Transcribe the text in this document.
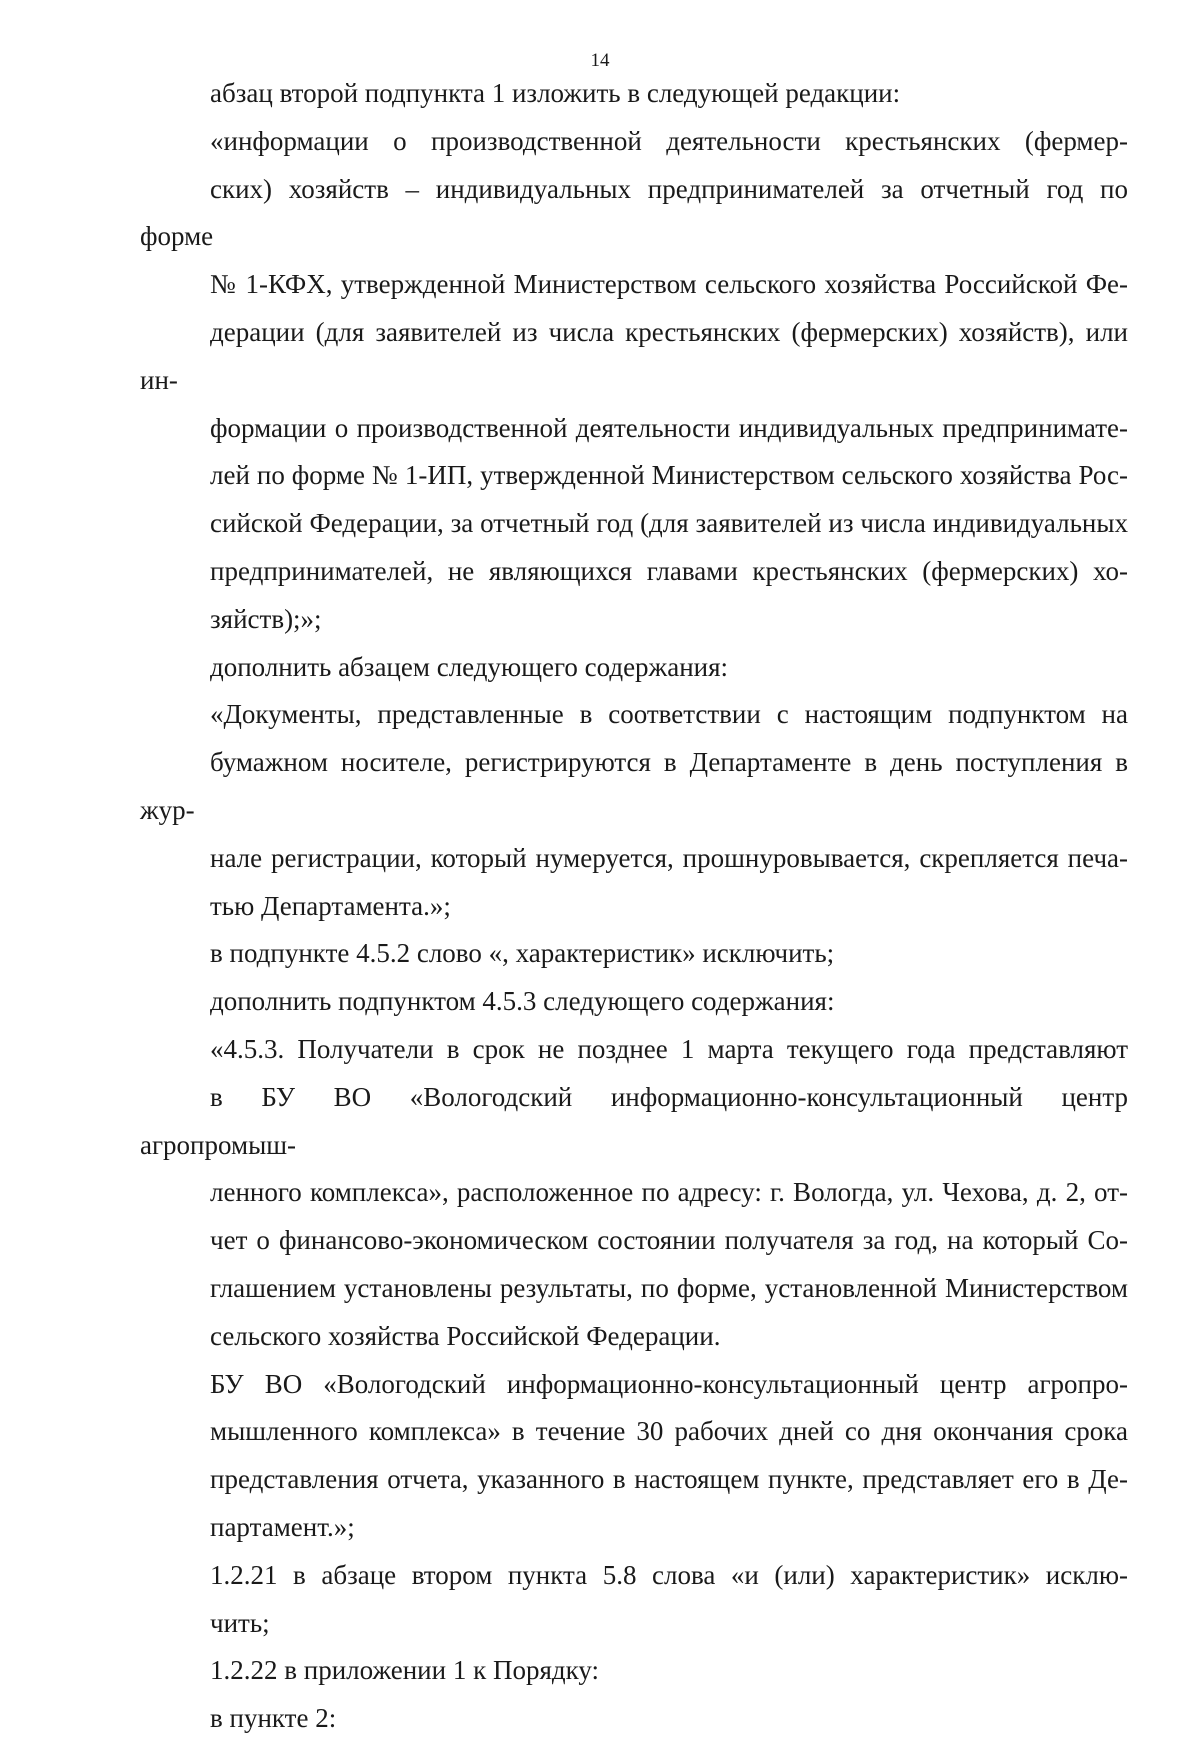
14
абзац второй подпункта 1 изложить в следующей редакции:
«информации о производственной деятельности крестьянских (фермер-
ских) хозяйств – индивидуальных предпринимателей за отчетный год по форме
№ 1-КФХ, утвержденной Министерством сельского хозяйства Российской Фе-
дерации (для заявителей из числа крестьянских (фермерских) хозяйств), или ин-
формации о производственной деятельности индивидуальных предпринимате-
лей по форме № 1-ИП, утвержденной Министерством сельского хозяйства Рос-
сийской Федерации, за отчетный год (для заявителей из числа индивидуальных
предпринимателей, не являющихся главами крестьянских (фермерских) хо-
зяйств);»;
дополнить абзацем следующего содержания:
«Документы, представленные в соответствии с настоящим подпунктом на
бумажном носителе, регистрируются в Департаменте в день поступления в жур-
нале регистрации, который нумеруется, прошнуровывается, скрепляется печа-
тью Департамента.»;
в подпункте 4.5.2 слово «, характеристик» исключить;
дополнить подпунктом 4.5.3 следующего содержания:
«4.5.3. Получатели в срок не позднее 1 марта текущего года представляют
в БУ ВО «Вологодский информационно-консультационный центр агропромыш-
ленного комплекса», расположенное по адресу: г. Вологда, ул. Чехова, д. 2, от-
чет о финансово-экономическом состоянии получателя за год, на который Со-
глашением установлены результаты, по форме, установленной Министерством
сельского хозяйства Российской Федерации.
БУ ВО «Вологодский информационно-консультационный центр агропро-
мышленного комплекса» в течение 30 рабочих дней со дня окончания срока
представления отчета, указанного в настоящем пункте, представляет его в Де-
партамент.»;
1.2.21 в абзаце втором пункта 5.8 слова «и (или) характеристик» исклю-
чить;
1.2.22 в приложении 1 к Порядку:
в пункте 2:
